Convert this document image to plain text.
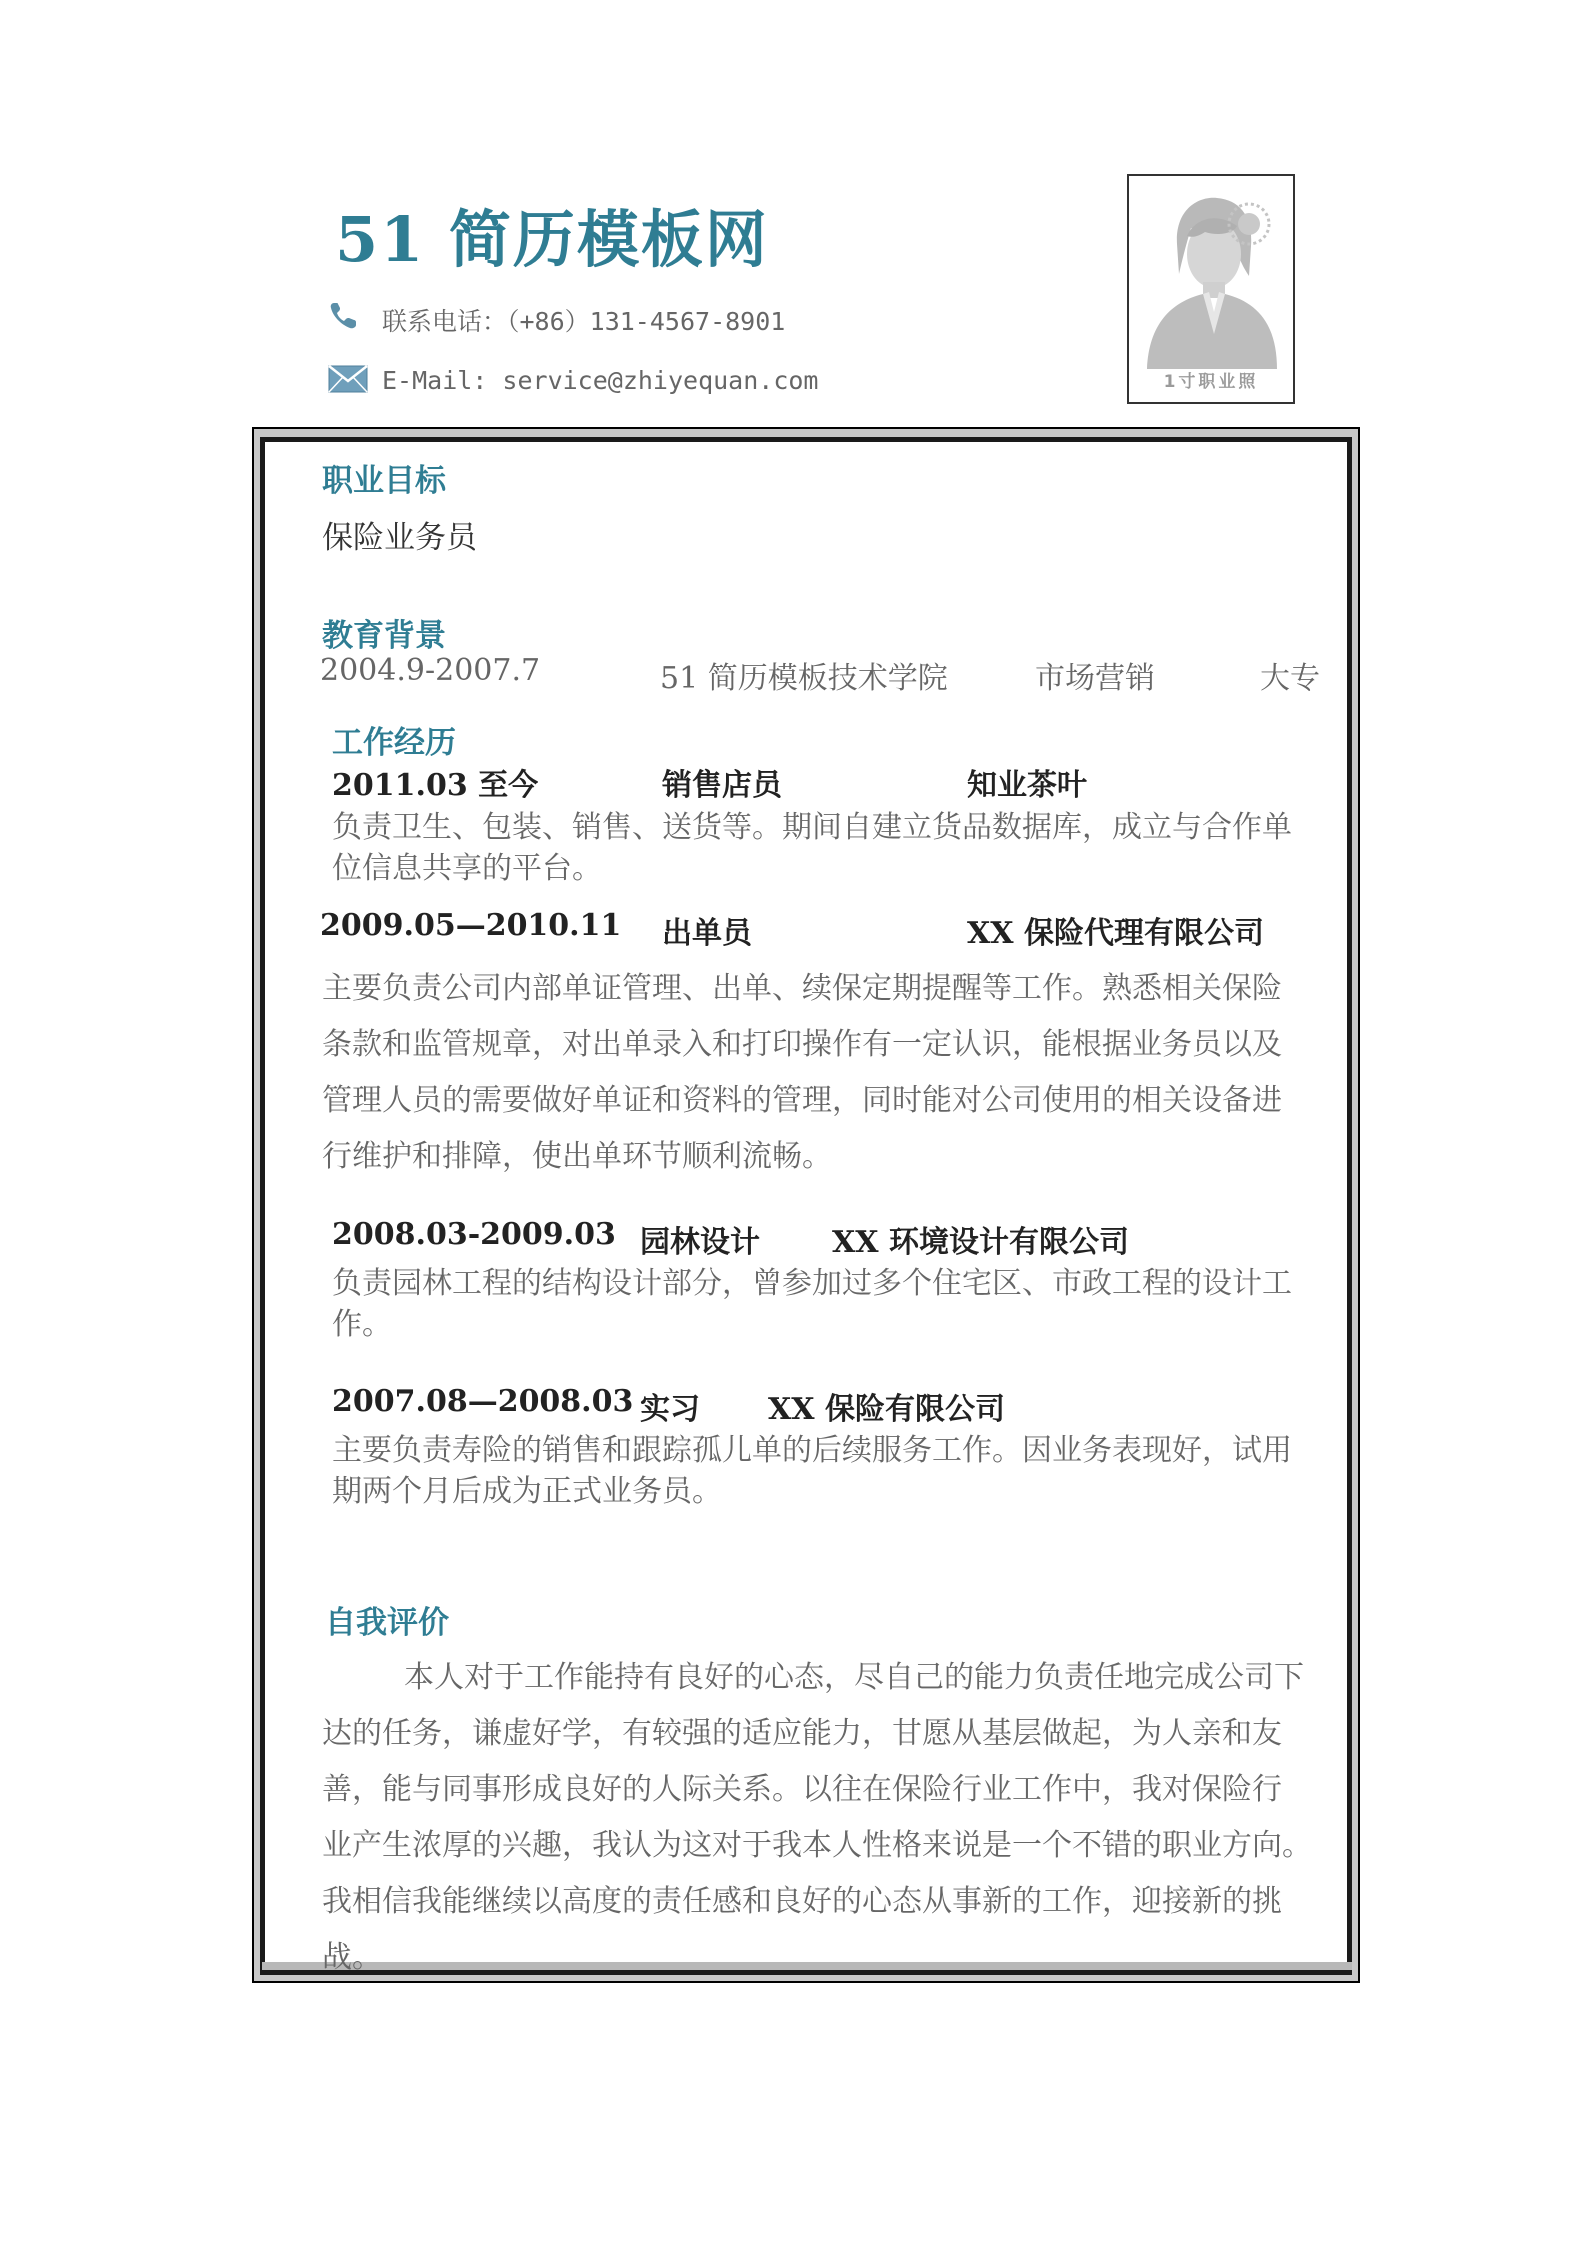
51 简历模板网
联系电话：（+86）131-4567-8901
E-Mail: service@zhiyequan.com	1寸职业照
职业目标
保险业务员
教育背景
2004.9-2007.7	51 简历模板技术学院	市场营销	大专
工作经历
2011.03 至今	销售店员	知业茶叶
负责卫生、包装、销售、送货等。期间自建立货品数据库，成立与合作单
位信息共享的平台。
2009.05—2010.11 出单员	XX 保险代理有限公司
主要负责公司内部单证管理、出单、续保定期提醒等工作。熟悉相关保险
条款和监管规章，对出单录入和打印操作有一定认识，能根据业务员以及
管理人员的需要做好单证和资料的管理，同时能对公司使用的相关设备进
行维护和排障，使出单环节顺利流畅。
2008.03-2009.03 园林设计 XX 环境设计有限公司
负责园林工程的结构设计部分，曾参加过多个住宅区、市政工程的设计工
作。
2007.08—2008.03 实习 XX 保险有限公司
主要负责寿险的销售和跟踪孤儿单的后续服务工作。因业务表现好，试用
期两个月后成为正式业务员。
自我评价
本人对于工作能持有良好的心态，尽自己的能力负责任地完成公司下
达的任务，谦虚好学，有较强的适应能力，甘愿从基层做起，为人亲和友
善，能与同事形成良好的人际关系。以往在保险行业工作中，我对保险行
业产生浓厚的兴趣，我认为这对于我本人性格来说是一个不错的职业方向。
我相信我能继续以高度的责任感和良好的心态从事新的工作，迎接新的挑
战。
